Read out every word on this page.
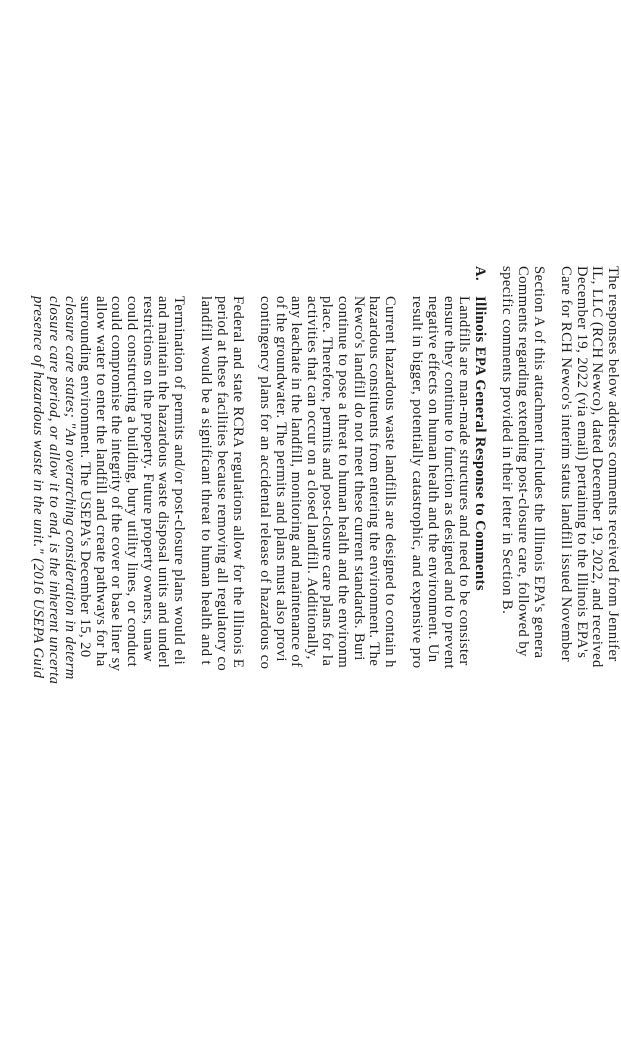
The responses below address comments received from Jennifer
IL, LLC (RCH Newco), dated December 19, 2022, and received
December 19, 2022 (via email) pertaining to the Illinois EPA's
Care for RCH Newco's interim status landfill issued November
Section A of this attachment includes the Illinois EPA's genera
Comments regarding extending post-closure care, followed by
specific comments provided in their letter in Section B.
A.
Illinois EPA General Response to Comments
Landfills are man-made structures and need to be consister
ensure they continue to function as designed and to prevent
negative effects on human health and the environment. Un
result in bigger, potentially catastrophic, and expensive pro
Current hazardous waste landfills are designed to contain h
hazardous constituents from entering the environment. The
Newco's landfill do not meet these current standards. Buri
continue to pose a threat to human health and the environm
place. Therefore, permits and post-closure care plans for la
activities that can occur on a closed landfill. Additionally,
any leachate in the landfill, monitoring and maintenance of
of the groundwater. The permits and plans must also provi
contingency plans for an accidental release of hazardous co
Federal and state RCRA regulations allow for the Illinois E
period at these facilities because removing all regulatory co
landfill would be a significant threat to human health and t
Termination of permits and/or post-closure plans would eli
and maintain the hazardous waste disposal units and underl
restrictions on the property. Future property owners, unaw
could constructing a building, bury utility lines, or conduct
could compromise the integrity of the cover or base liner sy
allow water to enter the landfill and create pathways for ha
surrounding environment. The USEPA's December 15, 20
closure care states; "An overarching consideration in determ
closure care period, or allow it to end, is the inherent uncerta
presence of hazardous waste in the unit." (2016 USEPA Guid
